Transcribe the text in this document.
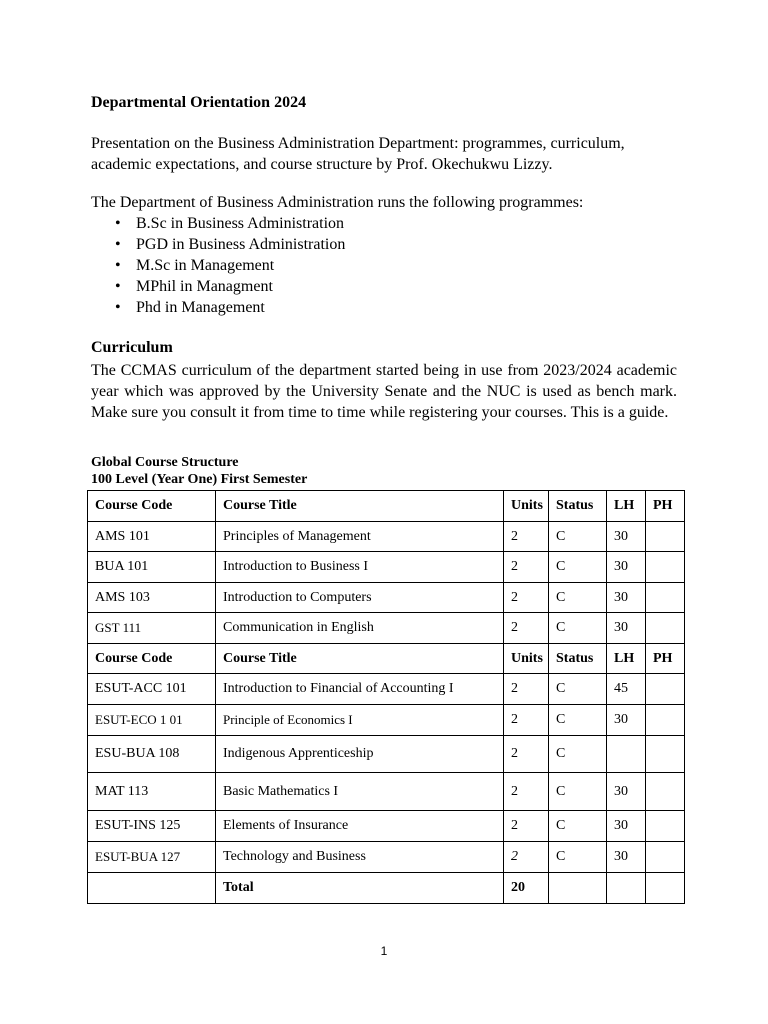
Departmental Orientation 2024
Presentation on the Business Administration Department: programmes, curriculum, academic expectations, and course structure by Prof. Okechukwu Lizzy.
The Department of Business Administration runs the following programmes:
• B.Sc in Business Administration
• PGD in Business Administration
• M.Sc in Management
• MPhil in Managment
• Phd in Management
Curriculum
The CCMAS curriculum of the department started being in use from 2023/2024 academic year which was approved by the University Senate and the NUC is used as bench mark. Make sure you consult it from time to time while registering your courses. This is a guide.
Global Course Structure
100 Level (Year One) First Semester
Course Code	Course Title	Units	Status	LH	PH
AMS 101	Principles of Management	2	C	30	
BUA 101	Introduction to Business I	2	C	30	
AMS 103	Introduction to Computers	2	C	30	
GST 111	Communication in English	2	C	30	
Course Code	Course Title	Units	Status	LH	PH
ESUT-ACC 101	Introduction to Financial of Accounting I	2	C	45	
ESUT-ECO 1 01	Principle of Economics I	2	C	30	
ESU-BUA 108	Indigenous Apprenticeship	2	C		
MAT 113	Basic Mathematics I	2	C	30	
ESUT-INS 125	Elements of Insurance	2	C	30	
ESUT-BUA 127	Technology and Business	2	C	30	
	Total	20			
1
